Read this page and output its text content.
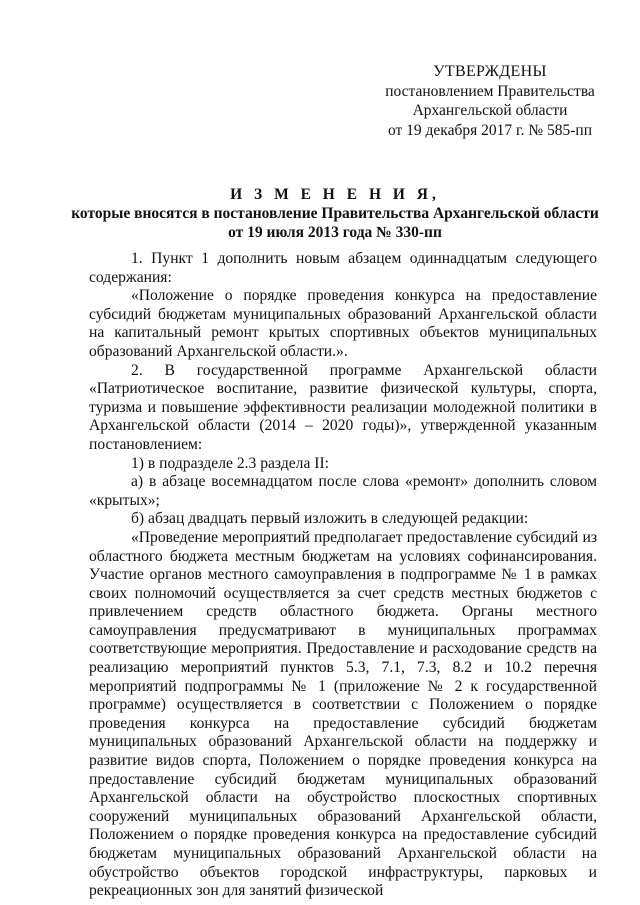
УТВЕРЖДЕНЫ
постановлением Правительства
Архангельской области
от 19 декабря 2017 г. № 585-пп
И З М Е Н Е Н И Я,
которые вносятся в постановление Правительства Архангельской области
от 19 июля 2013 года № 330-пп

1. Пункт 1 дополнить новым абзацем одиннадцатым следующего содержания:

«Положение о порядке проведения конкурса на предоставление субсидий бюджетам муниципальных образований Архангельской области на капитальный ремонт крытых спортивных объектов муниципальных образований Архангельской области.».

2. В государственной программе Архангельской области «Патриотическое воспитание, развитие физической культуры, спорта, туризма и повышение эффективности реализации молодежной политики в Архангельской области (2014 – 2020 годы)», утвержденной указанным постановлением:

1) в подразделе 2.3 раздела II:

а) в абзаце восемнадцатом после слова «ремонт» дополнить словом «крытых»;

б) абзац двадцать первый изложить в следующей редакции:

«Проведение мероприятий предполагает предоставление субсидий из областного бюджета местным бюджетам на условиях софинансирования. Участие органов местного самоуправления в подпрограмме № 1 в рамках своих полномочий осуществляется за счет средств местных бюджетов с привлечением средств областного бюджета. Органы местного самоуправления предусматривают в муниципальных программах соответствующие мероприятия. Предоставление и расходование средств на реализацию мероприятий пунктов 5.3, 7.1, 7.3, 8.2 и 10.2 перечня мероприятий подпрограммы № 1 (приложение № 2 к государственной программе) осуществляется в соответствии с Положением о порядке проведения конкурса на предоставление субсидий бюджетам муниципальных образований Архангельской области на поддержку и развитие видов спорта, Положением о порядке проведения конкурса на предоставление субсидий бюджетам муниципальных образований Архангельской области на обустройство плоскостных спортивных сооружений муниципальных образований Архангельской области, Положением о порядке проведения конкурса на предоставление субсидий бюджетам муниципальных образований Архангельской области на обустройство объектов городской инфраструктуры, парковых и рекреационных зон для занятий физической
